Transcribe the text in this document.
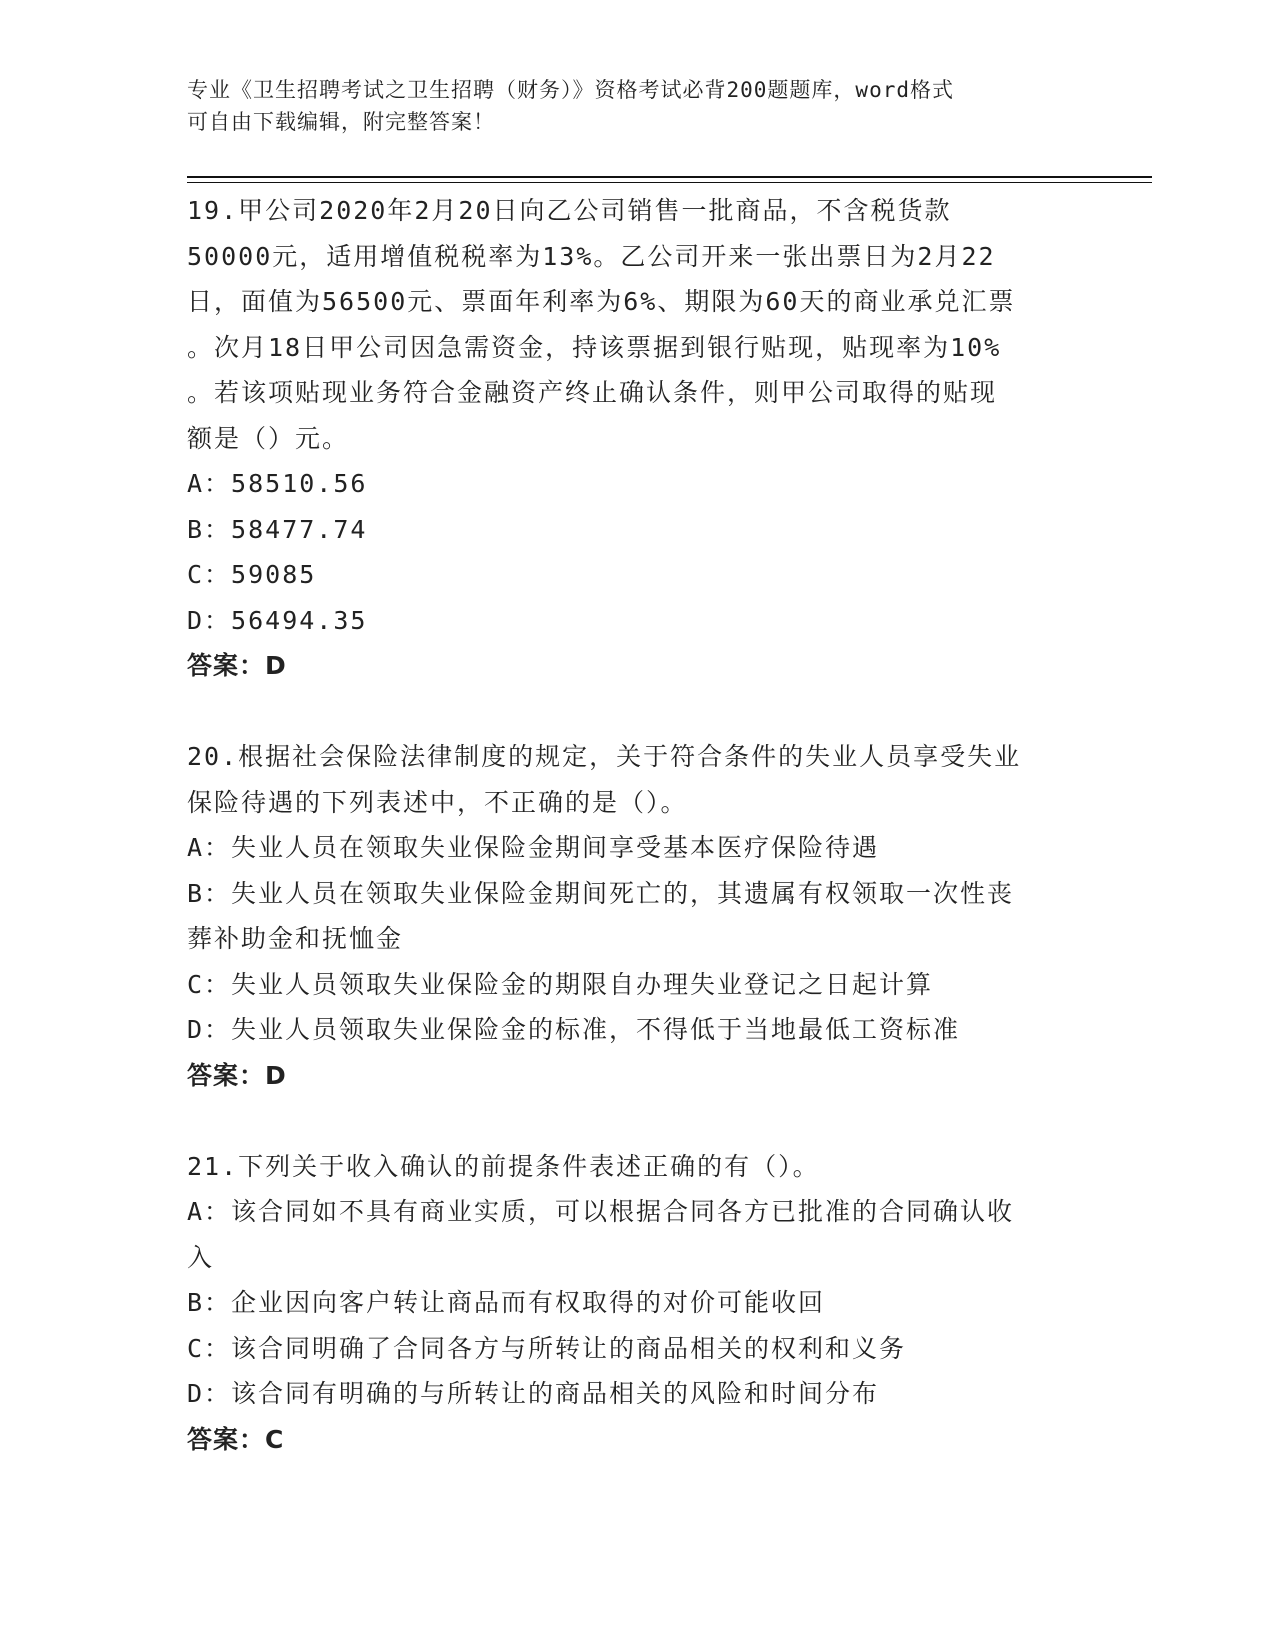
专业《卫生招聘考试之卫生招聘（财务）》资格考试必背200题题库，word格式
可自由下载编辑，附完整答案！
19.甲公司2020年2月20日向乙公司销售一批商品，不含税货款
50000元，适用增值税税率为13%。乙公司开来一张出票日为2月22
日，面值为56500元、票面年利率为6%、期限为60天的商业承兑汇票
。次月18日甲公司因急需资金，持该票据到银行贴现，贴现率为10%
。若该项贴现业务符合金融资产终止确认条件，则甲公司取得的贴现
额是（）元。
A：58510.56
B：58477.74
C：59085
D：56494.35
答案：D
20.根据社会保险法律制度的规定，关于符合条件的失业人员享受失业
保险待遇的下列表述中，不正确的是（）。
A：失业人员在领取失业保险金期间享受基本医疗保险待遇
B：失业人员在领取失业保险金期间死亡的，其遗属有权领取一次性丧
葬补助金和抚恤金
C：失业人员领取失业保险金的期限自办理失业登记之日起计算
D：失业人员领取失业保险金的标准，不得低于当地最低工资标准
答案：D
21.下列关于收入确认的前提条件表述正确的有（）。
A：该合同如不具有商业实质，可以根据合同各方已批准的合同确认收
入
B：企业因向客户转让商品而有权取得的对价可能收回
C：该合同明确了合同各方与所转让的商品相关的权利和义务
D：该合同有明确的与所转让的商品相关的风险和时间分布
答案：C
